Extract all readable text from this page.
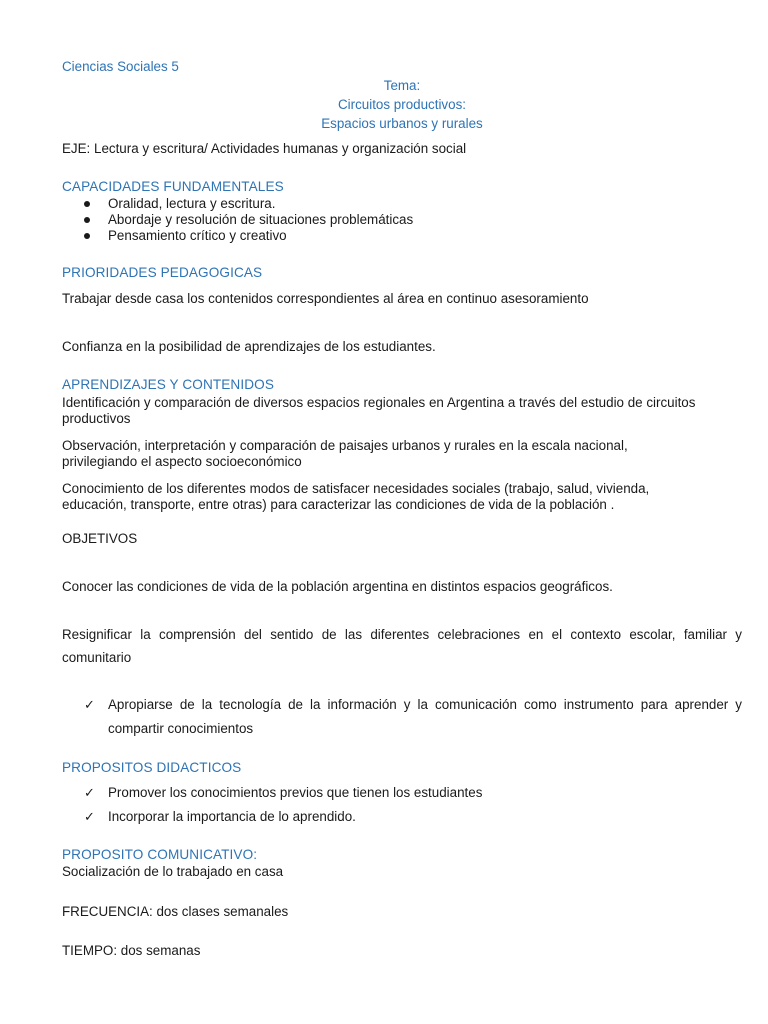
Ciencias Sociales 5

Tema:

Circuitos productivos:

Espacios urbanos y rurales

EJE: Lectura y escritura/ Actividades humanas y organización social

CAPACIDADES FUNDAMENTALES

Oralidad, lectura y escritura.
Abordaje y resolución de situaciones problemáticas
Pensamiento crítico y creativo

PRIORIDADES PEDAGOGICAS

Trabajar desde casa los contenidos correspondientes al área en continuo asesoramiento

Confianza en la posibilidad de aprendizajes de los estudiantes.

APRENDIZAJES Y CONTENIDOS

Identificación y comparación de diversos espacios regionales en Argentina a través del estudio de circuitos

productivos

Observación, interpretación y comparación de paisajes urbanos y rurales en la escala nacional,

privilegiando el aspecto socioeconómico

Conocimiento de los diferentes modos de satisfacer necesidades sociales (trabajo, salud, vivienda,

educación, transporte, entre otras) para caracterizar las condiciones de vida de la población .

OBJETIVOS

Conocer las condiciones de vida de la población argentina en distintos espacios geográficos.

Resignificar la comprensión del sentido de las diferentes celebraciones en el contexto escolar, familiar y

comunitario

✓ Apropiarse de la tecnología de la información y la comunicación como instrumento para aprender y
compartir conocimientos

PROPOSITOS DIDACTICOS

✓ Promover los conocimientos previos que tienen los estudiantes
✓ Incorporar la importancia de lo aprendido.

PROPOSITO COMUNICATIVO:

Socialización de lo trabajado en casa

FRECUENCIA: dos clases semanales

TIEMPO: dos semanas
